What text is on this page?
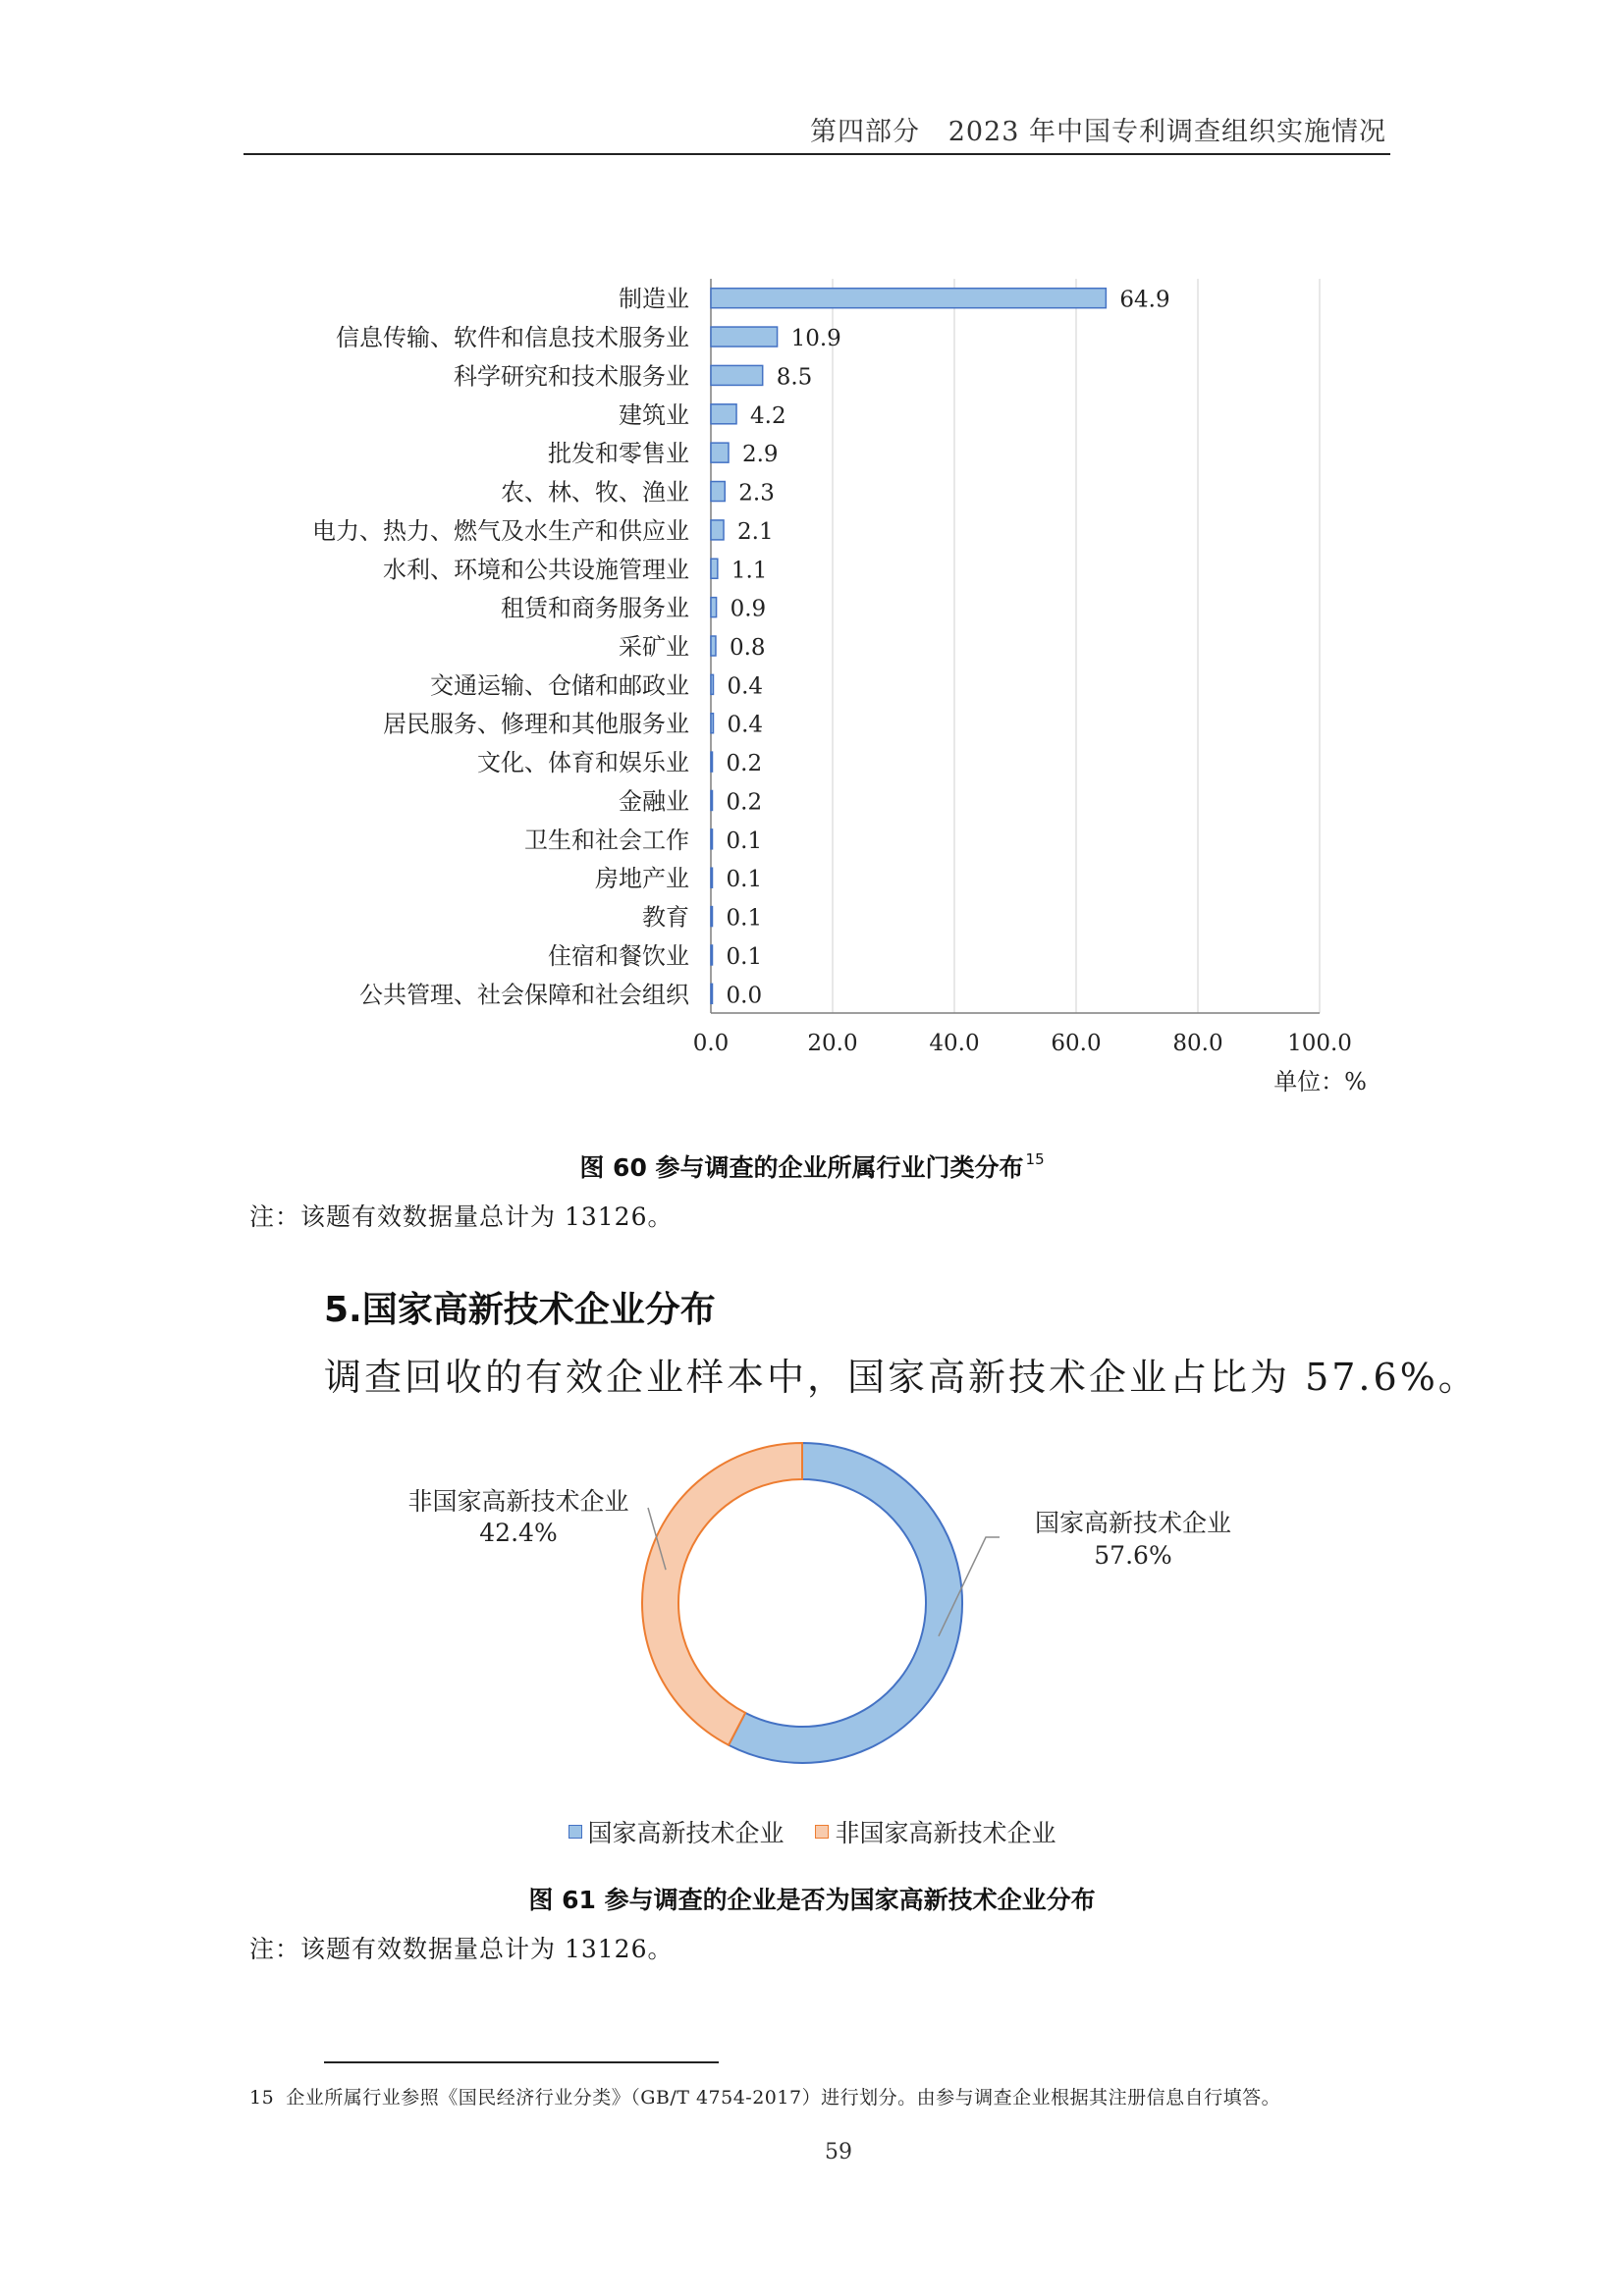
第四部分 2023 年中国专利调查组织实施情况
制造业	64.9
信息传输、软件和信息技术服务业	10.9
科学研究和技术服务业	8.5
建筑业	4.2
批发和零售业 2.9
农、林、牧、渔业 2.3
电力、热力、燃气及水生产和供应业 2.1
水利、环境和公共设施管理业 1.1
租赁和商务服务业 0.9
采矿业 0.8
交通运输、仓储和邮政业 0.4
居民服务、修理和其他服务业 0.4
文化、体育和娱乐业 0.2
金融业 0.2
卫生和社会工作 0.1
房地产业 0.1
教育 0.1
住宿和餐饮业 0.1
公共管理、社会保障和社会组织 0.0
0.0	20.0	40.0	60.0	80.0	100.0
单位：%
图 60 参与调查的企业所属行业门类分布 $^{15}$
注：该题有效数据量总计为 13126。
5.国家高新技术企业分布
调查回收的有效企业样本中，国家高新技术企业占比为 57.6%。
国家高新技术企业
57.6%
非国家高新技术企业
42.4%
国家高新技术企业
非国家高新技术企业
图 61 参与调查的企业是否为国家高新技术企业分布
注：该题有效数据量总计为 13126。
15 企业所属行业参照《国民经济行业分类》（GB/T 4754-2017）进行划分。由参与调查企业根据其注册信息自行填答。
59
